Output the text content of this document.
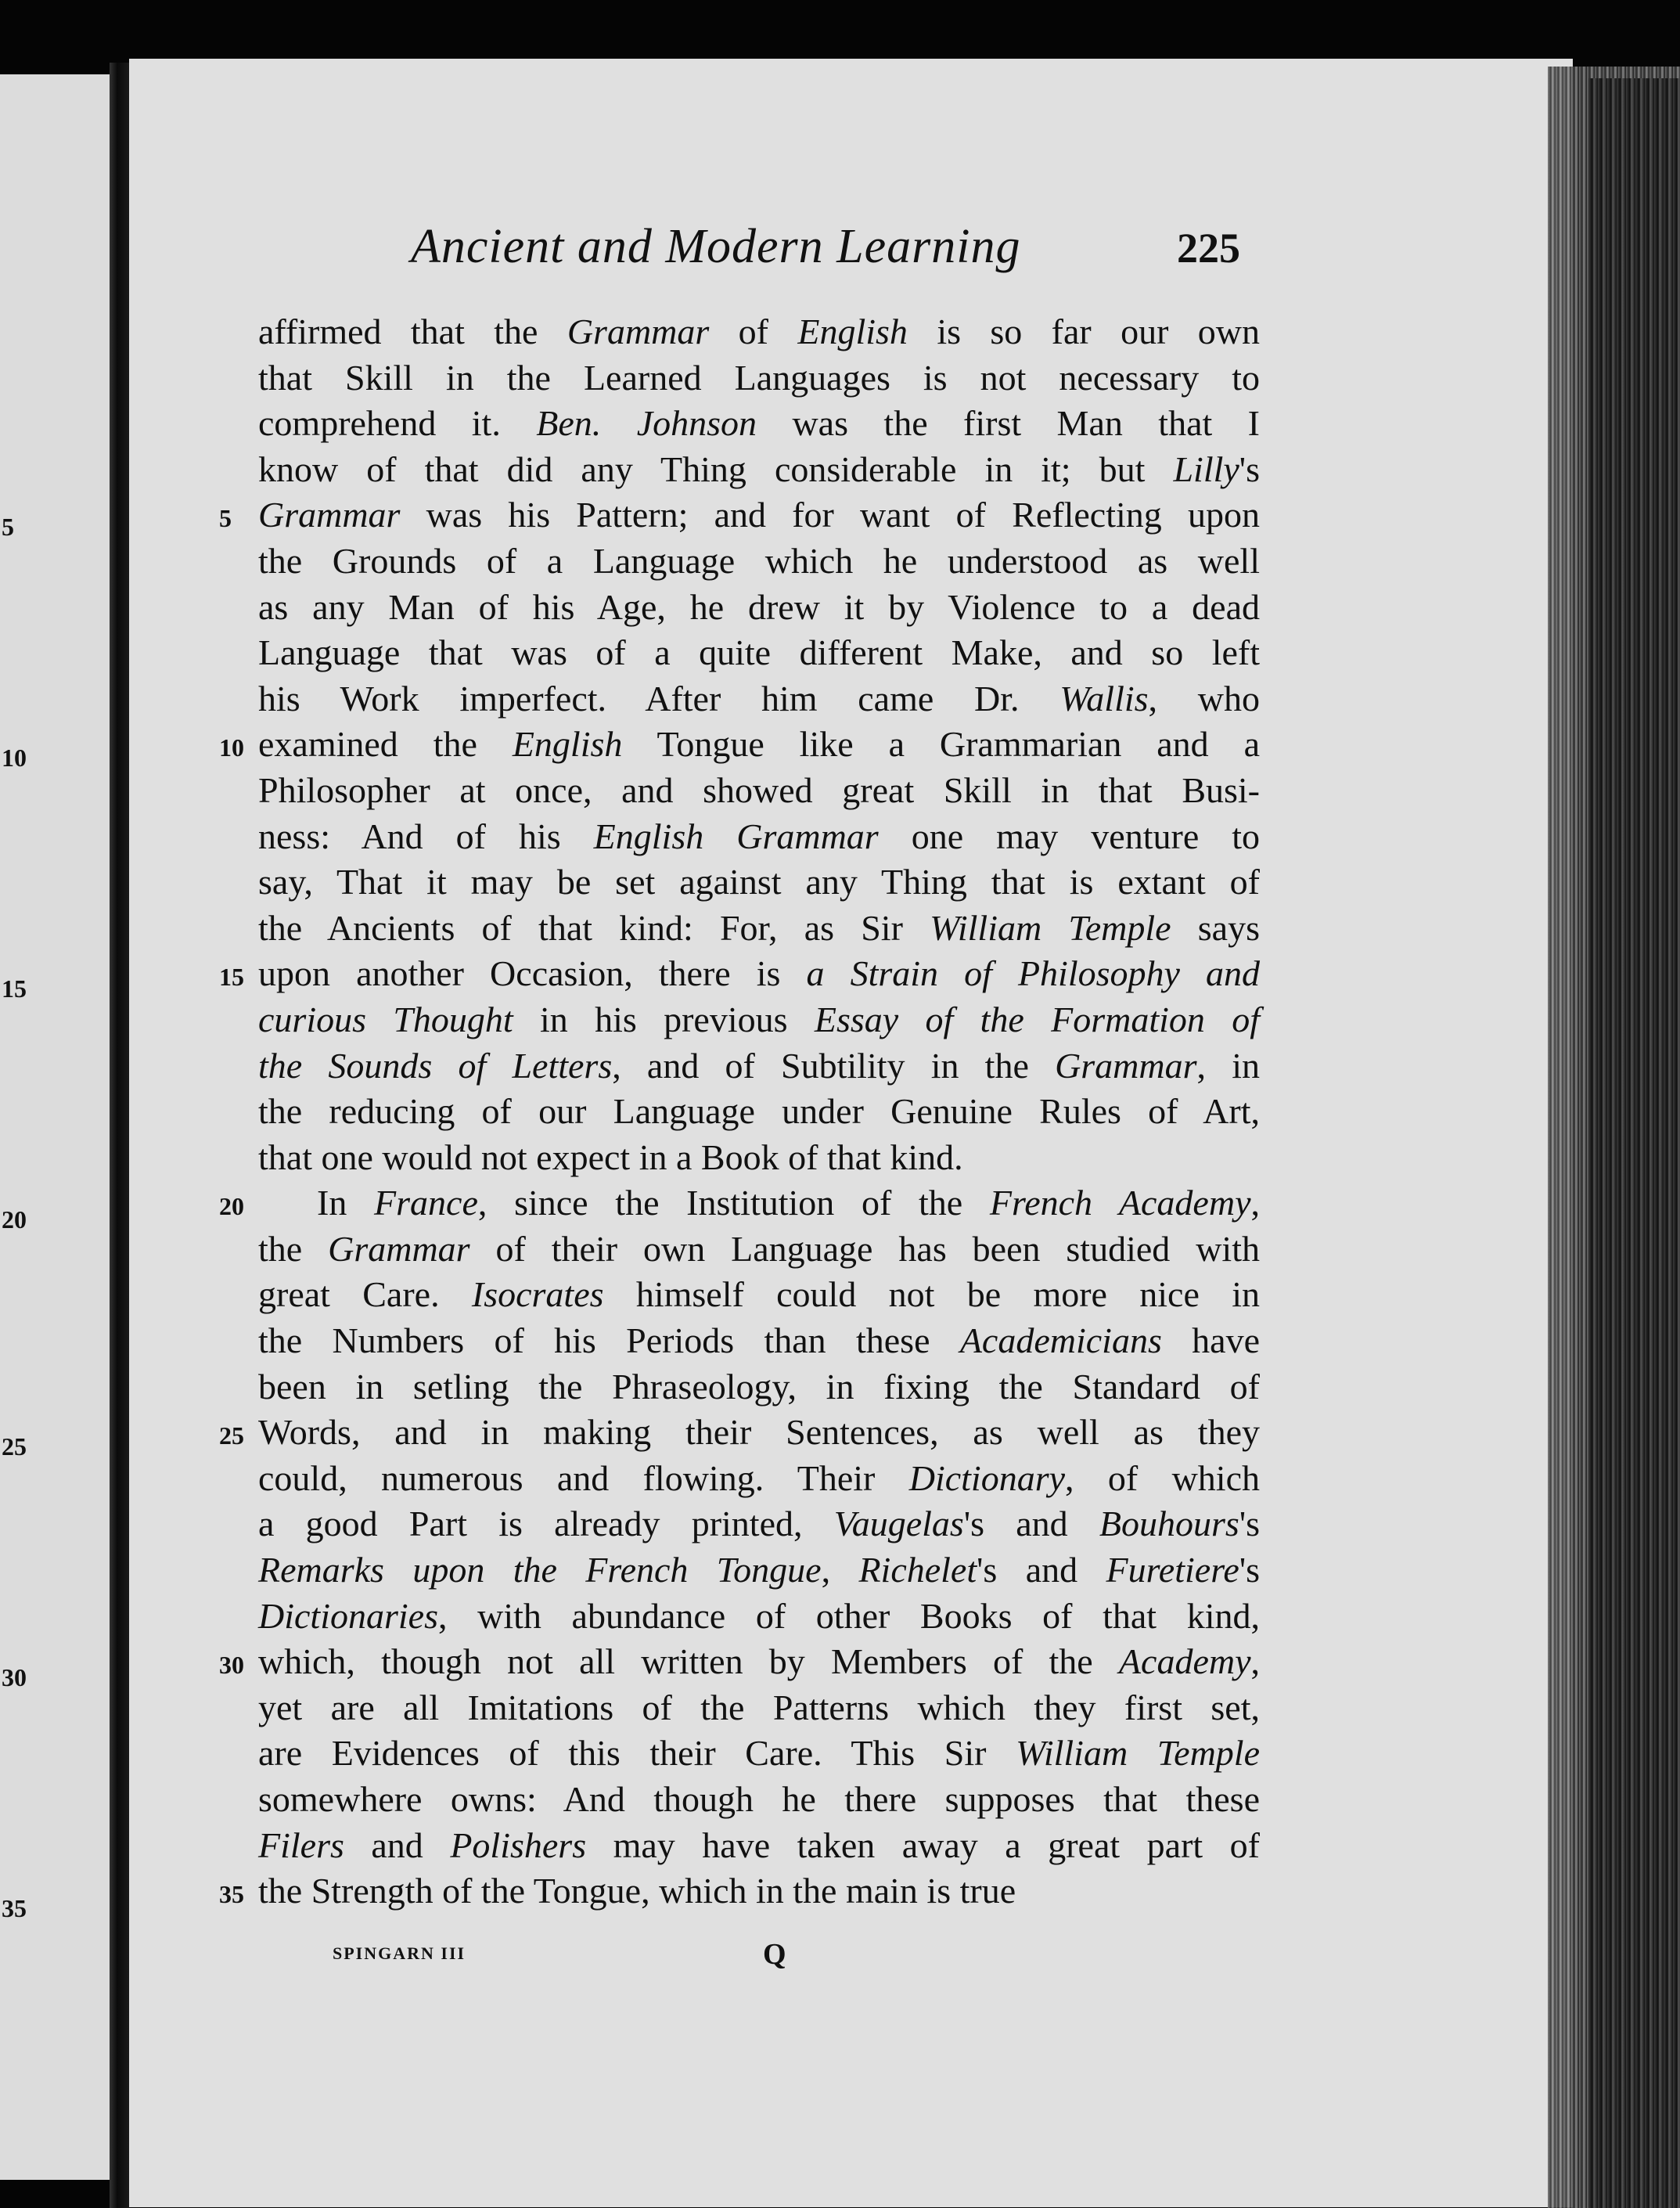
5
10
15
20
25
30
35
Ancient and Modern Learning	225
affirmed that the Grammar of English is so far our own
that Skill in the Learned Languages is not necessary to
comprehend it. Ben. Johnson was the first Man that I
know of that did any Thing considerable in it; but Lilly's
5 Grammar was his Pattern; and for want of Reflecting upon
the Grounds of a Language which he understood as well
as any Man of his Age, he drew it by Violence to a dead
Language that was of a quite different Make, and so left
his Work imperfect. After him came Dr. Wallis, who
10 examined the English Tongue like a Grammarian and a
Philosopher at once, and showed great Skill in that Busi-
ness: And of his English Grammar one may venture to
say, That it may be set against any Thing that is extant of
the Ancients of that kind: For, as Sir William Temple says
15 upon another Occasion, there is a Strain of Philosophy and
curious Thought in his previous Essay of the Formation of
the Sounds of Letters, and of Subtility in the Grammar, in
the reducing of our Language under Genuine Rules of Art,
that one would not expect in a Book of that kind.
20 In France, since the Institution of the French Academy,
the Grammar of their own Language has been studied with
great Care. Isocrates himself could not be more nice in
the Numbers of his Periods than these Academicians have
been in setling the Phraseology, in fixing the Standard of
25 Words, and in making their Sentences, as well as they
could, numerous and flowing. Their Dictionary, of which
a good Part is already printed, Vaugelas's and Bouhours's
Remarks upon the French Tongue, Richelet's and Furetiere's
Dictionaries, with abundance of other Books of that kind,
30 which, though not all written by Members of the Academy,
yet are all Imitations of the Patterns which they first set,
are Evidences of this their Care. This Sir William Temple
somewhere owns: And though he there supposes that these
Filers and Polishers may have taken away a great part of
35 the Strength of the Tongue, which in the main is true
SPINGARN III	Q
